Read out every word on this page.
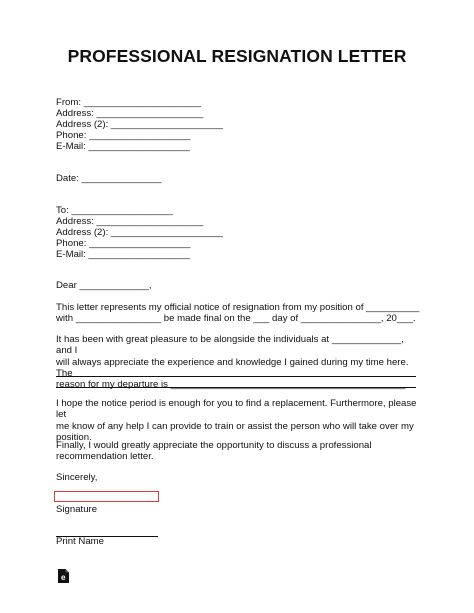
PROFESSIONAL RESIGNATION LETTER
From: ______________________
Address: ____________________
Address (2): _____________________
Phone: ___________________
E-Mail: ___________________
Date: _______________
To: ___________________
Address: ____________________
Address (2): _____________________
Phone: ___________________
E-Mail: ___________________
Dear _____________,
This letter represents my official notice of resignation from my position of __________
with ________________ be made final on the ___ day of _______________, 20___.
It has been with great pleasure to be alongside the individuals at _____________, and I
will always appreciate the experience and knowledge I gained during my time here. The
reason for my departure is ____________________________________________
I hope the notice period is enough for you to find a replacement. Furthermore, please let
me know of any help I can provide to train or assist the person who will take over my
position.
Finally, I would greatly appreciate the opportunity to discuss a professional
recommendation letter.
Sincerely,
Signature
Print Name
e
